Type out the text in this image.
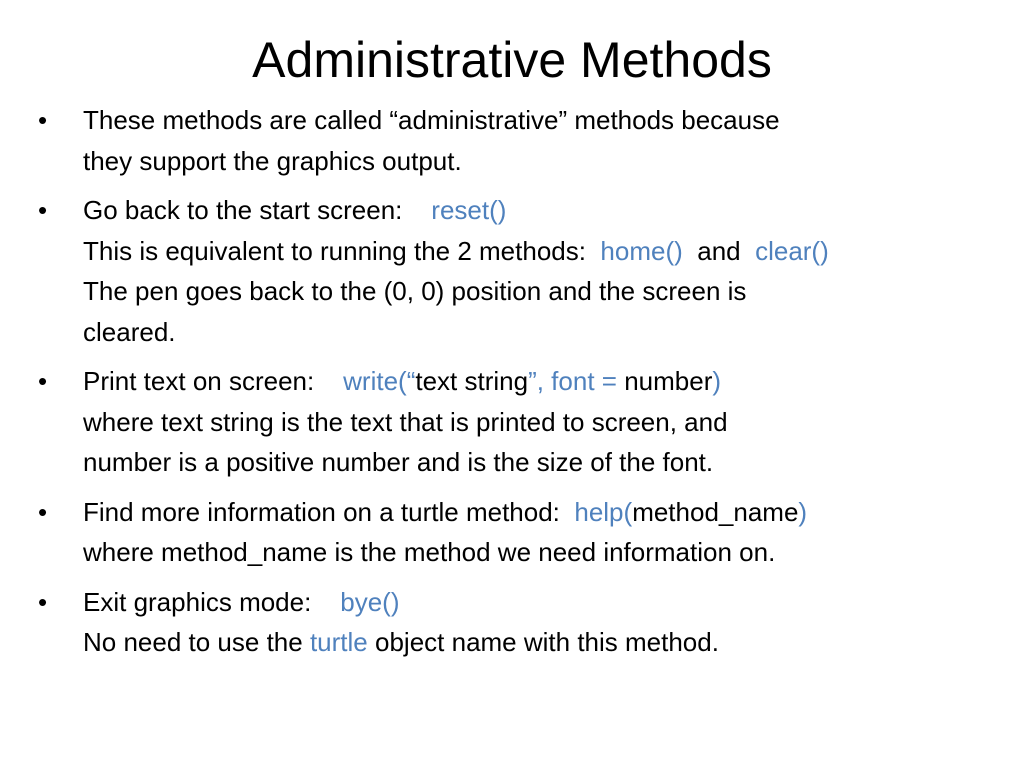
Administrative Methods
• These methods are called “administrative” methods because
they support the graphics output.
• Go back to the start screen: reset()
This is equivalent to running the 2 methods: home() and clear()
The pen goes back to the (0, 0) position and the screen is
cleared.
• Print text on screen: write(“text string”, font = number)
where text string is the text that is printed to screen, and
number is a positive number and is the size of the font.
• Find more information on a turtle method: help(method_name)
where method_name is the method we need information on.
• Exit graphics mode: bye()
No need to use the turtle object name with this method.
